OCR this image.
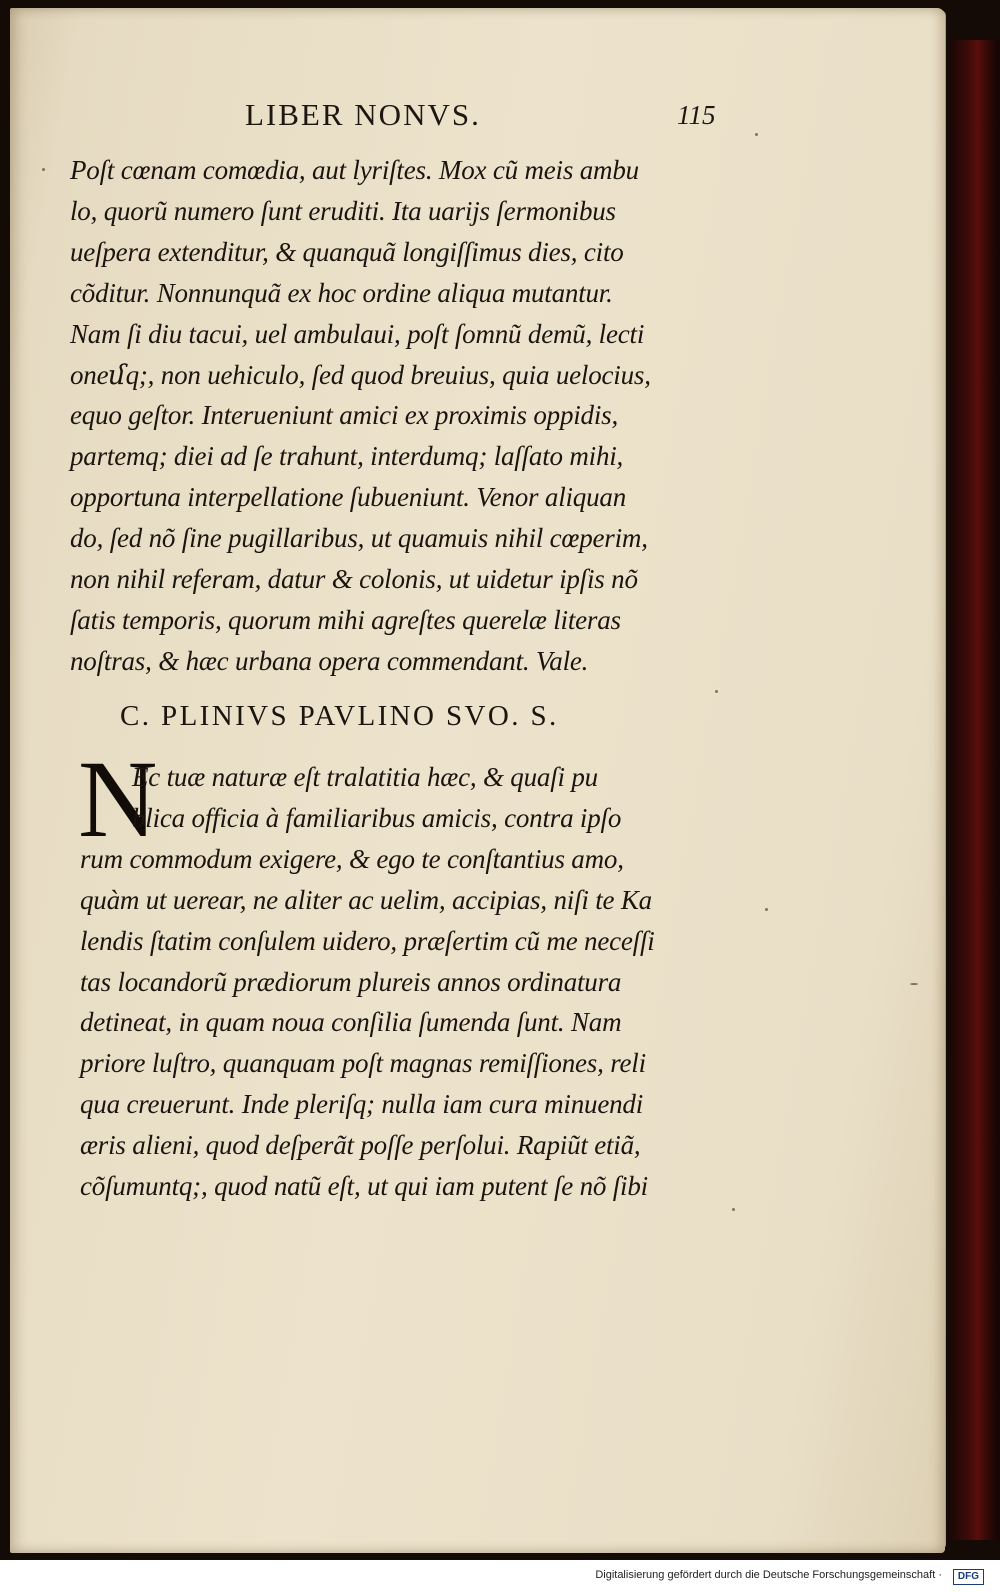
LIBER NONVS.	115
Poſt cœnam comœdia, aut lyriſtes. Mox cũ meis ambu
lo, quorũ numero ſunt eruditi. Ita uarijs ſermonibus
ueſpera extenditur, & quanquã longiſſimus dies, cito
cõditur. Nonnunquã ex hoc ordine aliqua mutantur.
Nam ſi diu tacui, uel ambulaui, poſt ſomnũ demũ, lecti
oneմq;, non uehiculo, ſed quod breuius, quia uelocius,
equo geſtor. Interueniunt amici ex proximis oppidis,
partemq; diei ad ſe trahunt, interdumq; laſſato mihi,
opportuna interpellatione ſubueniunt. Venor aliquan
do, ſed nõ ſine pugillaribus, ut quamuis nihil cœperim,
non nihil referam, datur & colonis, ut uidetur ipſis nõ
ſatis temporis, quorum mihi agreſtes querelæ literas
noſtras, & hæc urbana opera commendant. Vale.
C. PLINIVS PAVLINO SVO. S.
N
Ec tuæ naturæ eſt tralatitia hæc, & quaſi pu
blica officia à familiaribus amicis, contra ipſo
rum commodum exigere, & ego te conſtantius amo,
quàm ut uerear, ne aliter ac uelim, accipias, niſi te Ka
lendis ſtatim conſulem uidero, præſertim cũ me neceſſi
tas locandorũ prædiorum plureis annos ordinatura
detineat, in quam noua conſilia ſumenda ſunt. Nam
priore luſtro, quanquam poſt magnas remiſſiones, reli
qua creuerunt. Inde pleriſq; nulla iam cura minuendi
æris alieni, quod deſperãt poſſe perſolui. Rapiũt etiã,
cõſumuntq;, quod natũ eſt, ut qui iam putent ſe nõ ſibi
Digitalisierung gefördert durch die Deutsche Forschungsgemeinschaft ·	DFG
